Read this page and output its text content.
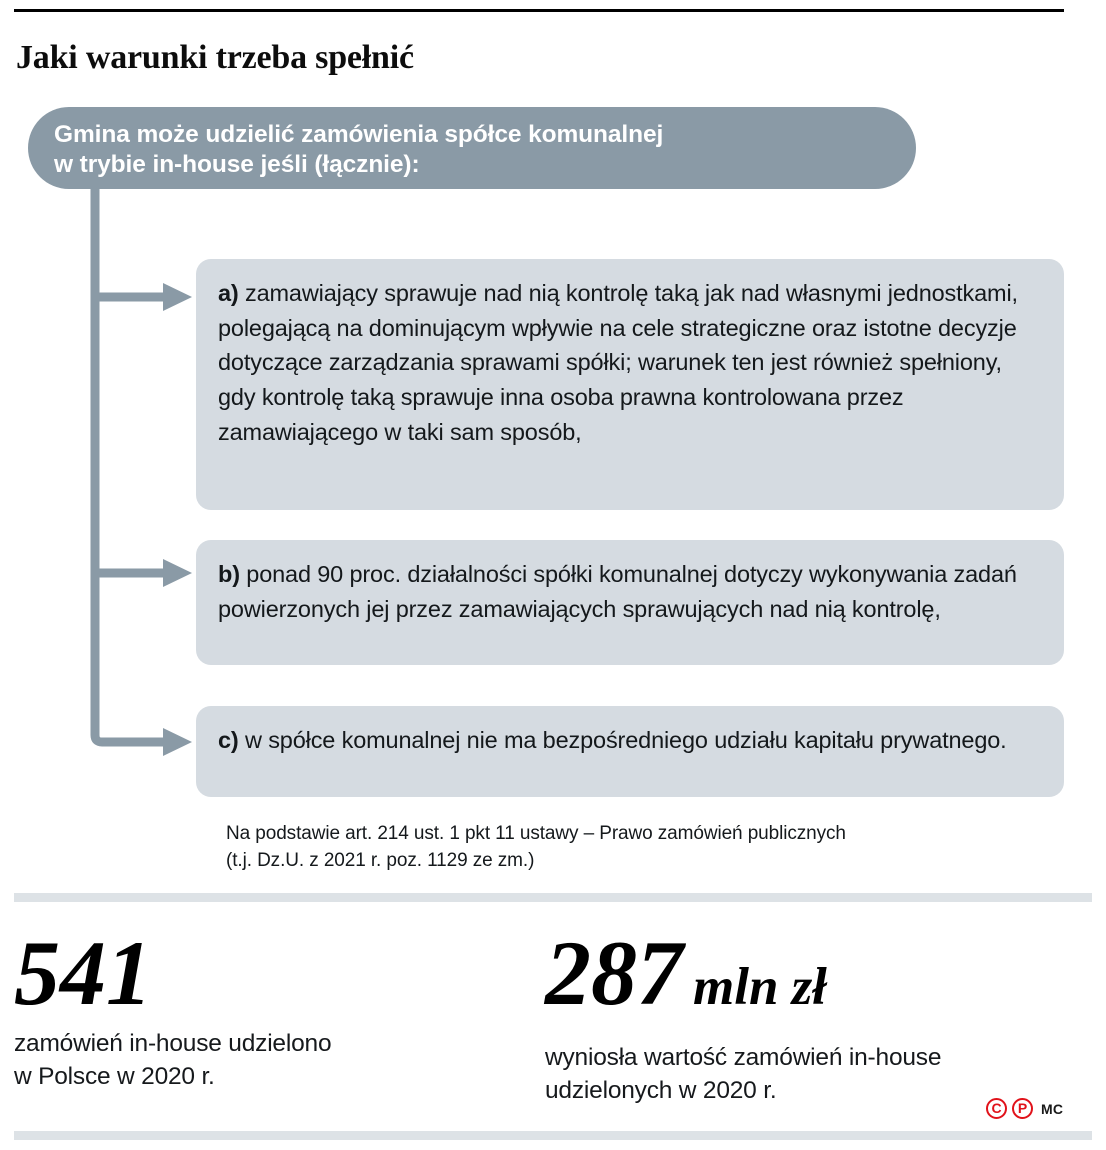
Jaki warunki trzeba spełnić
Gmina może udzielić zamówienia spółce komunalnej
w trybie in-house jeśli (łącznie):

a) zamawiający sprawuje nad nią kontrolę taką jak nad własnymi jednostkami, polegającą na dominującym wpływie na cele strategiczne oraz istotne decyzje dotyczące zarządzania sprawami spółki; warunek ten jest również spełniony, gdy kontrolę taką sprawuje inna osoba prawna kontrolowana przez zamawiającego w taki sam sposób,

b) ponad 90 proc. działalności spółki komunalnej dotyczy wykonywania zadań powierzonych jej przez zamawiających sprawujących nad nią kontrolę,

c) w spółce komunalnej nie ma bezpośredniego udziału kapitału prywatnego.

Na podstawie art. 214 ust. 1 pkt 11 ustawy – Prawo zamówień publicznych
(t.j. Dz.U. z 2021 r. poz. 1129 ze zm.)
541
zamówień in-house udzielono
w Polsce w 2020 r.
287 mln zł
wyniosła wartość zamówień in-house
udzielonych w 2020 r.
C	P MC
